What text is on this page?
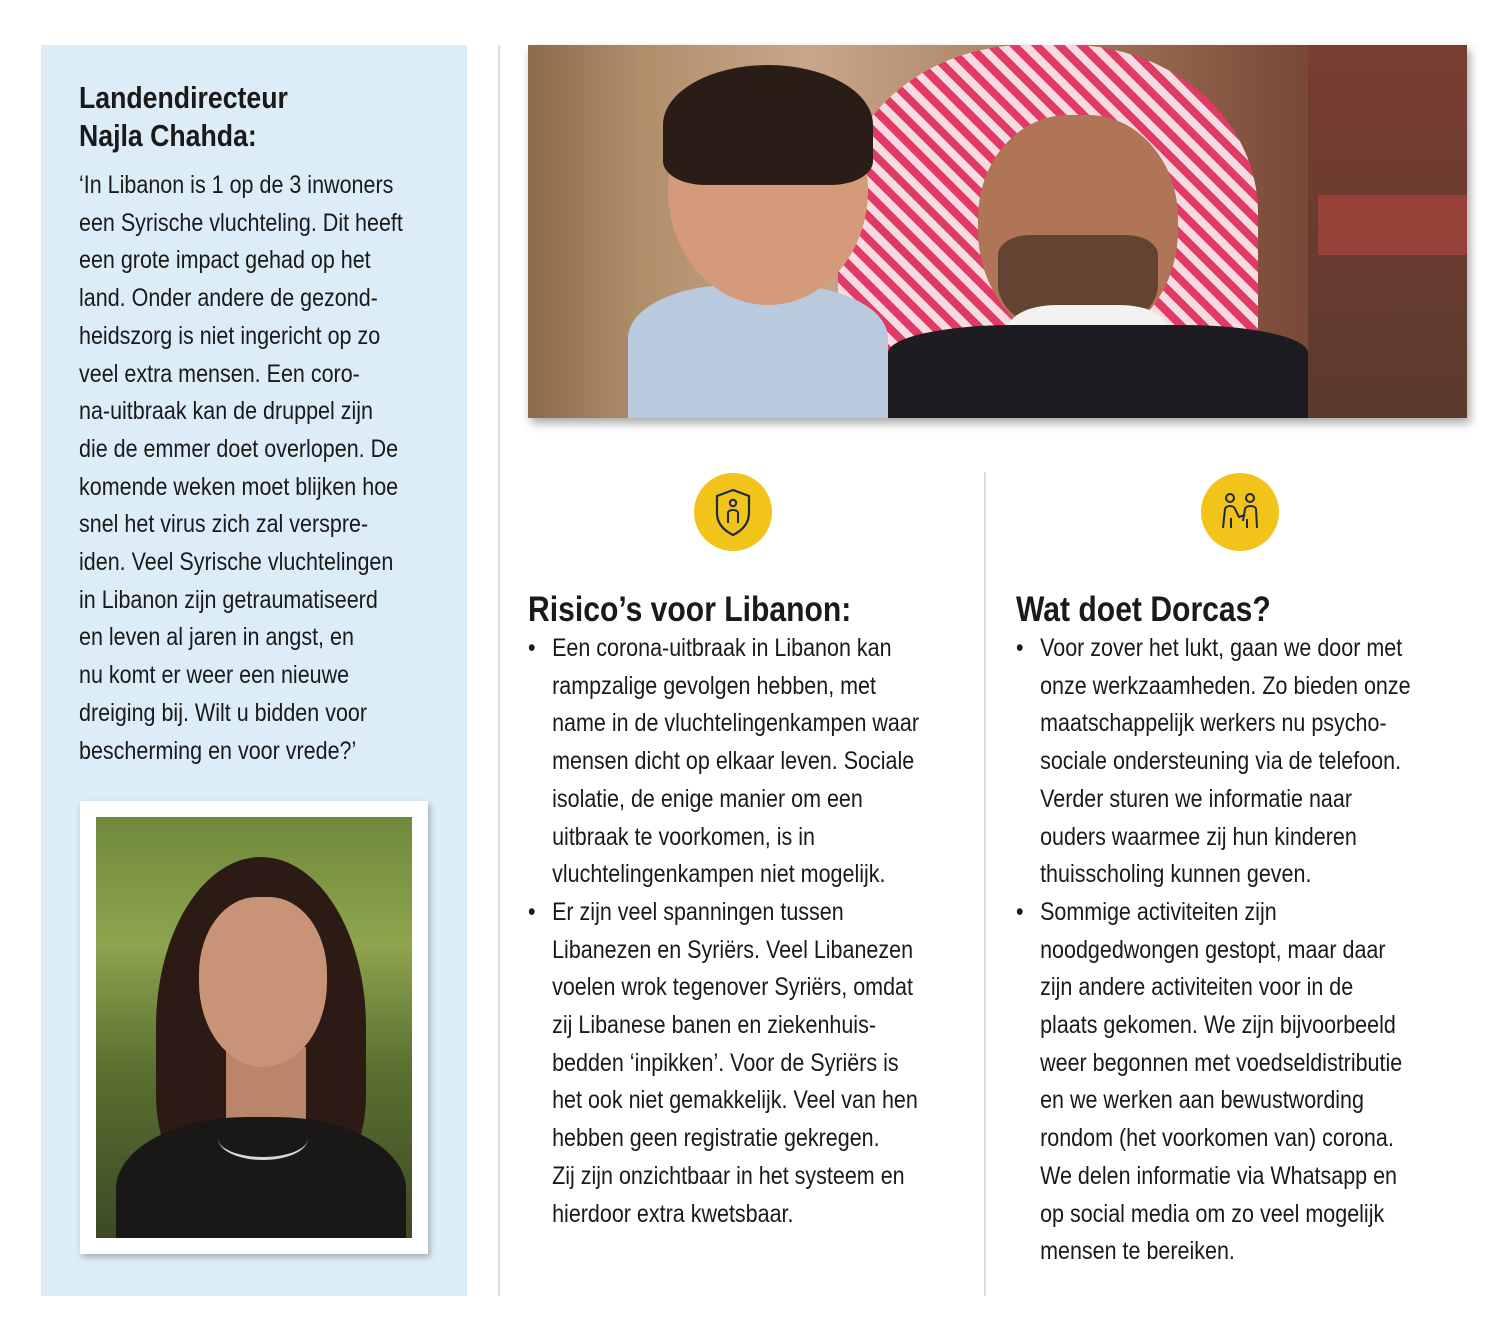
Landendirecteur
Najla Chahda:

‘In Libanon is 1 op de 3 inwoners
een Syrische vluchteling. Dit heeft
een grote impact gehad op het
land. Onder andere de gezond-
heidszorg is niet ingericht op zo
veel extra mensen. Een coro-
na-uitbraak kan de druppel zijn
die de emmer doet overlopen. De
komende weken moet blijken hoe
snel het virus zich zal verspre-
iden. Veel Syrische vluchtelingen
in Libanon zijn getraumatiseerd
en leven al jaren in angst, en
nu komt er weer een nieuwe
dreiging bij. Wilt u bidden voor
bescherming en voor vrede?’

Risico’s voor Libanon:
• Een corona-uitbraak in Libanon kan
rampzalige gevolgen hebben, met
name in de vluchtelingenkampen waar
mensen dicht op elkaar leven. Sociale
isolatie, de enige manier om een
uitbraak te voorkomen, is in
vluchtelingenkampen niet mogelijk.
• Er zijn veel spanningen tussen
Libanezen en Syriërs. Veel Libanezen
voelen wrok tegenover Syriërs, omdat
zij Libanese banen en ziekenhuis-
bedden ‘inpikken’. Voor de Syriërs is
het ook niet gemakkelijk. Veel van hen
hebben geen registratie gekregen.
Zij zijn onzichtbaar in het systeem en
hierdoor extra kwetsbaar.
Wat doet Dorcas?
• Voor zover het lukt, gaan we door met
onze werkzaamheden. Zo bieden onze
maatschappelijk werkers nu psycho-
sociale ondersteuning via de telefoon.
Verder sturen we informatie naar
ouders waarmee zij hun kinderen
thuisscholing kunnen geven.
• Sommige activiteiten zijn
noodgedwongen gestopt, maar daar
zijn andere activiteiten voor in de
plaats gekomen. We zijn bijvoorbeeld
weer begonnen met voedseldistributie
en we werken aan bewustwording
rondom (het voorkomen van) corona.
We delen informatie via Whatsapp en
op social media om zo veel mogelijk
mensen te bereiken.
